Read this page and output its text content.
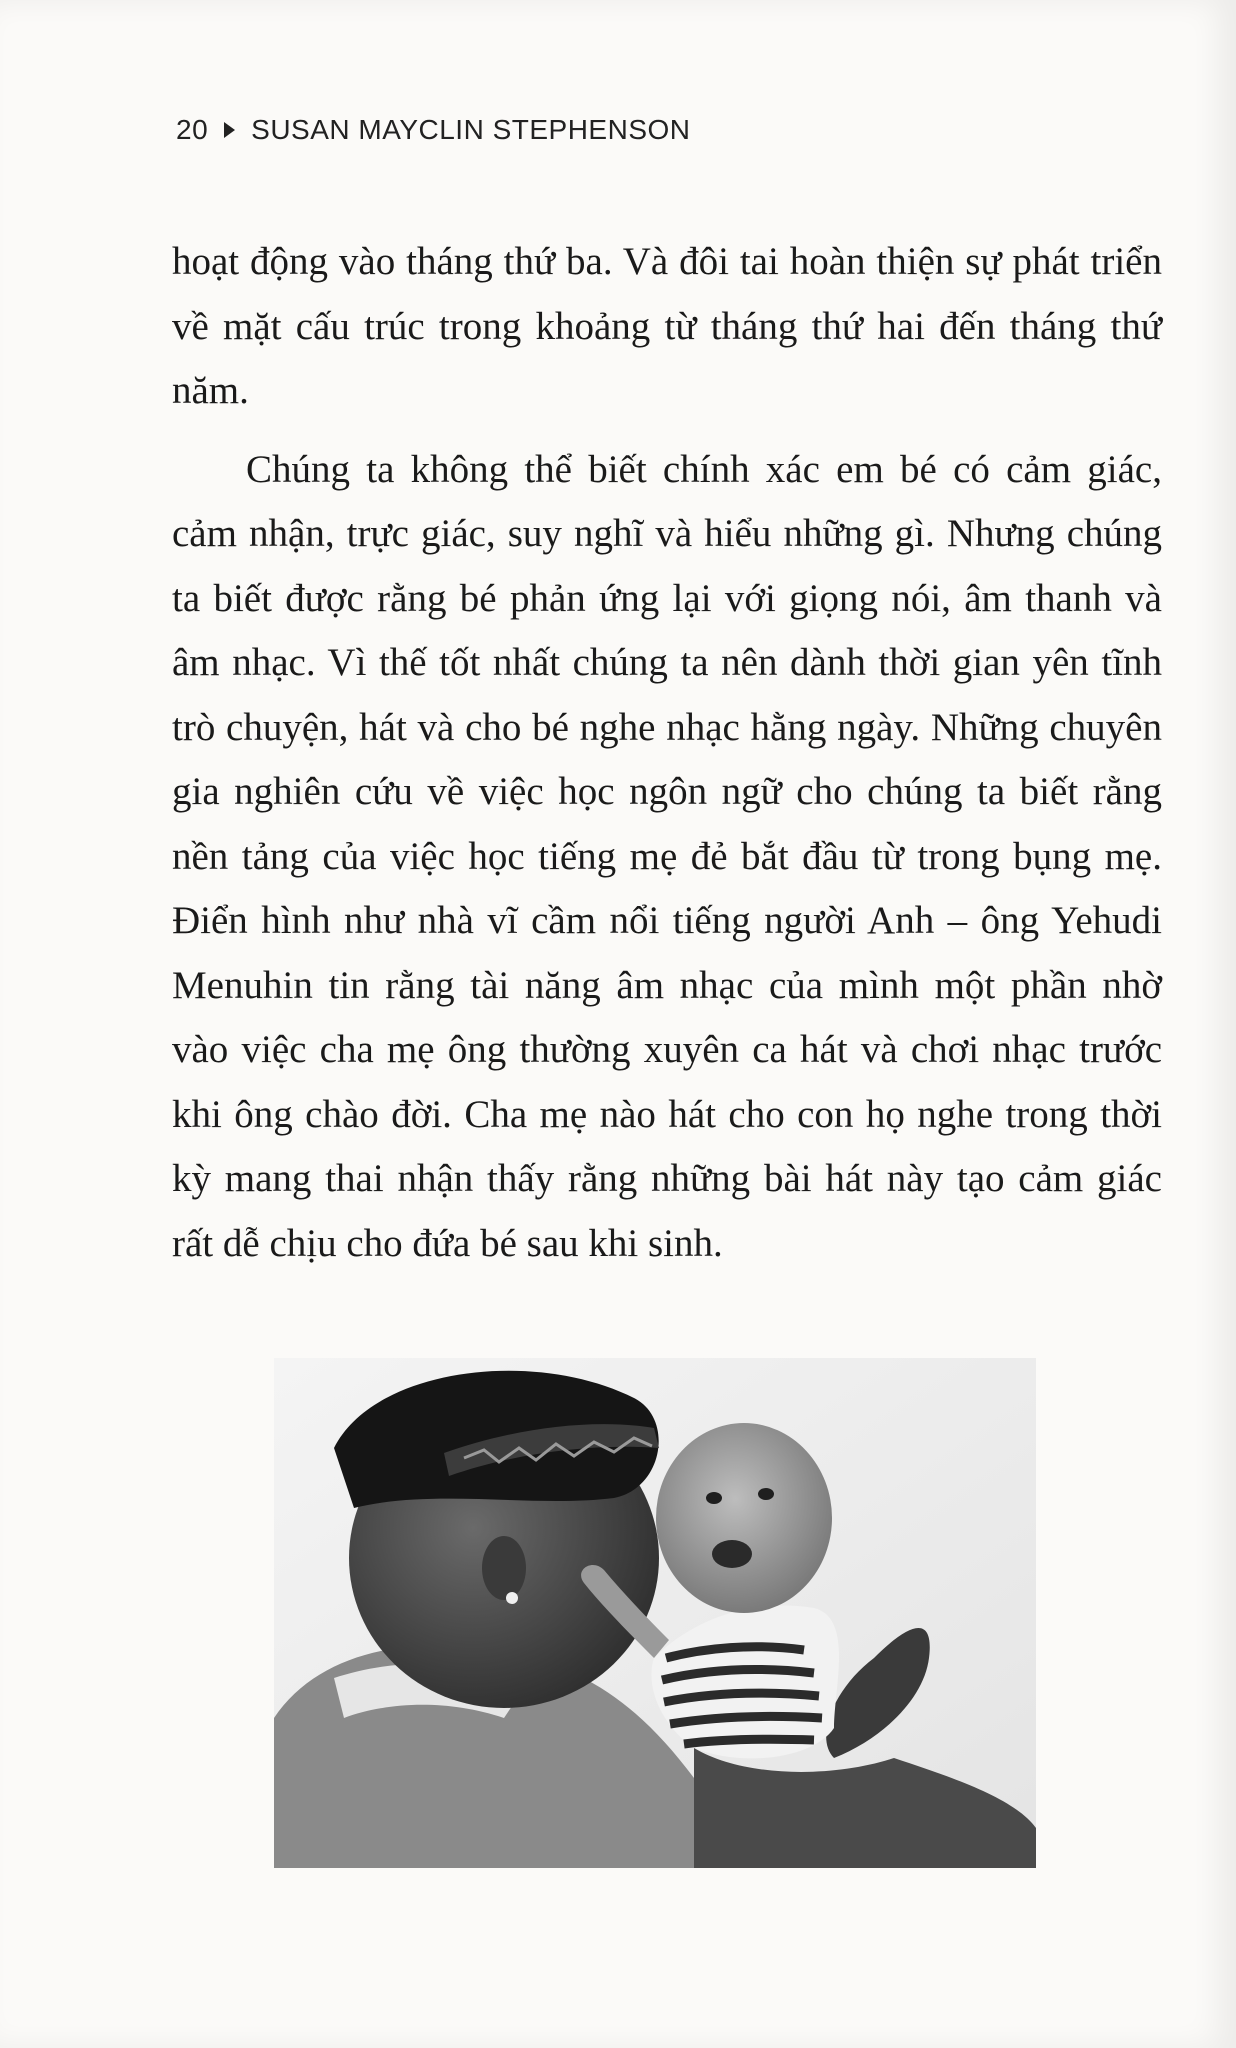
20 SUSAN MAYCLIN STEPHENSON

hoạt động vào tháng thứ ba. Và đôi tai hoàn thiện sự phát triển về mặt cấu trúc trong khoảng từ tháng thứ hai đến tháng thứ năm.

Chúng ta không thể biết chính xác em bé có cảm giác, cảm nhận, trực giác, suy nghĩ và hiểu những gì. Nhưng chúng ta biết được rằng bé phản ứng lại với giọng nói, âm thanh và âm nhạc. Vì thế tốt nhất chúng ta nên dành thời gian yên tĩnh trò chuyện, hát và cho bé nghe nhạc hằng ngày. Những chuyên gia nghiên cứu về việc học ngôn ngữ cho chúng ta biết rằng nền tảng của việc học tiếng mẹ đẻ bắt đầu từ trong bụng mẹ. Điển hình như nhà vĩ cầm nổi tiếng người Anh – ông Yehudi Menuhin tin rằng tài năng âm nhạc của mình một phần nhờ vào việc cha mẹ ông thường xuyên ca hát và chơi nhạc trước khi ông chào đời. Cha mẹ nào hát cho con họ nghe trong thời kỳ mang thai nhận thấy rằng những bài hát này tạo cảm giác rất dễ chịu cho đứa bé sau khi sinh.
